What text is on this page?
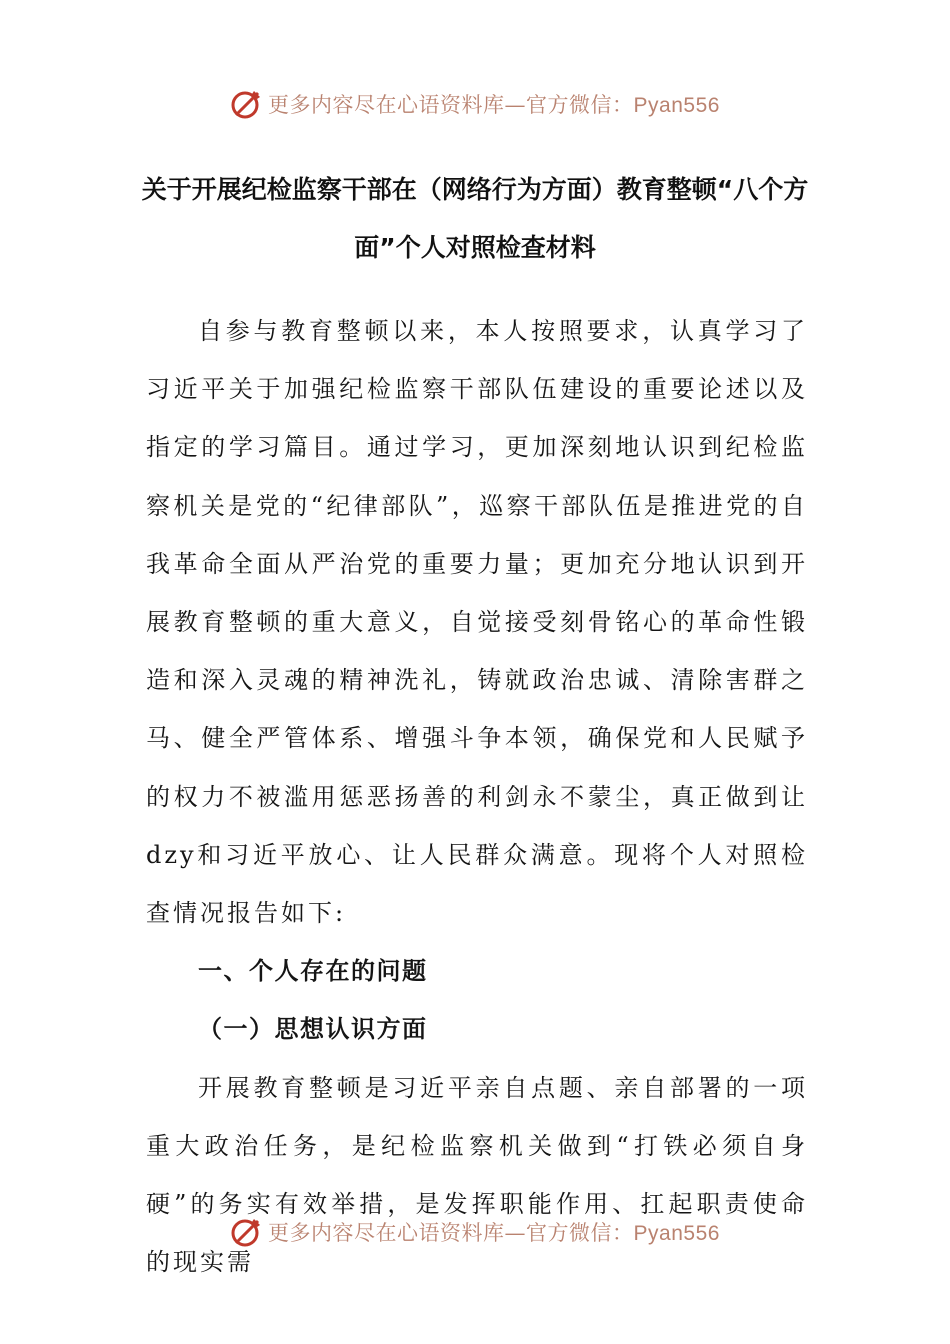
更多内容尽在心语资料库—官方微信：Pyan556
关于开展纪检监察干部在（网络行为方面）教育整顿“八个方面”个人对照检查材料

自参与教育整顿以来，本人按照要求，认真学习了习近平关于加强纪检监察干部队伍建设的重要论述以及指定的学习篇目。通过学习，更加深刻地认识到纪检监察机关是党的“纪律部队”，巡察干部队伍是推进党的自我革命全面从严治党的重要力量；更加充分地认识到开展教育整顿的重大意义，自觉接受刻骨铭心的革命性锻造和深入灵魂的精神洗礼，铸就政治忠诚、清除害群之马、健全严管体系、增强斗争本领，确保党和人民赋予的权力不被滥用惩恶扬善的利剑永不蒙尘，真正做到让dzy和习近平放心、让人民群众满意。现将个人对照检查情况报告如下:

一、个人存在的问题
（一）思想认识方面

开展教育整顿是习近平亲自点题、亲自部署的一项重大政治任务，是纪检监察机关做到“打铁必须自身硬”的务实有效举措，是发挥职能作用、扛起职责使命的现实需

更多内容尽在心语资料库—官方微信：Pyan556
